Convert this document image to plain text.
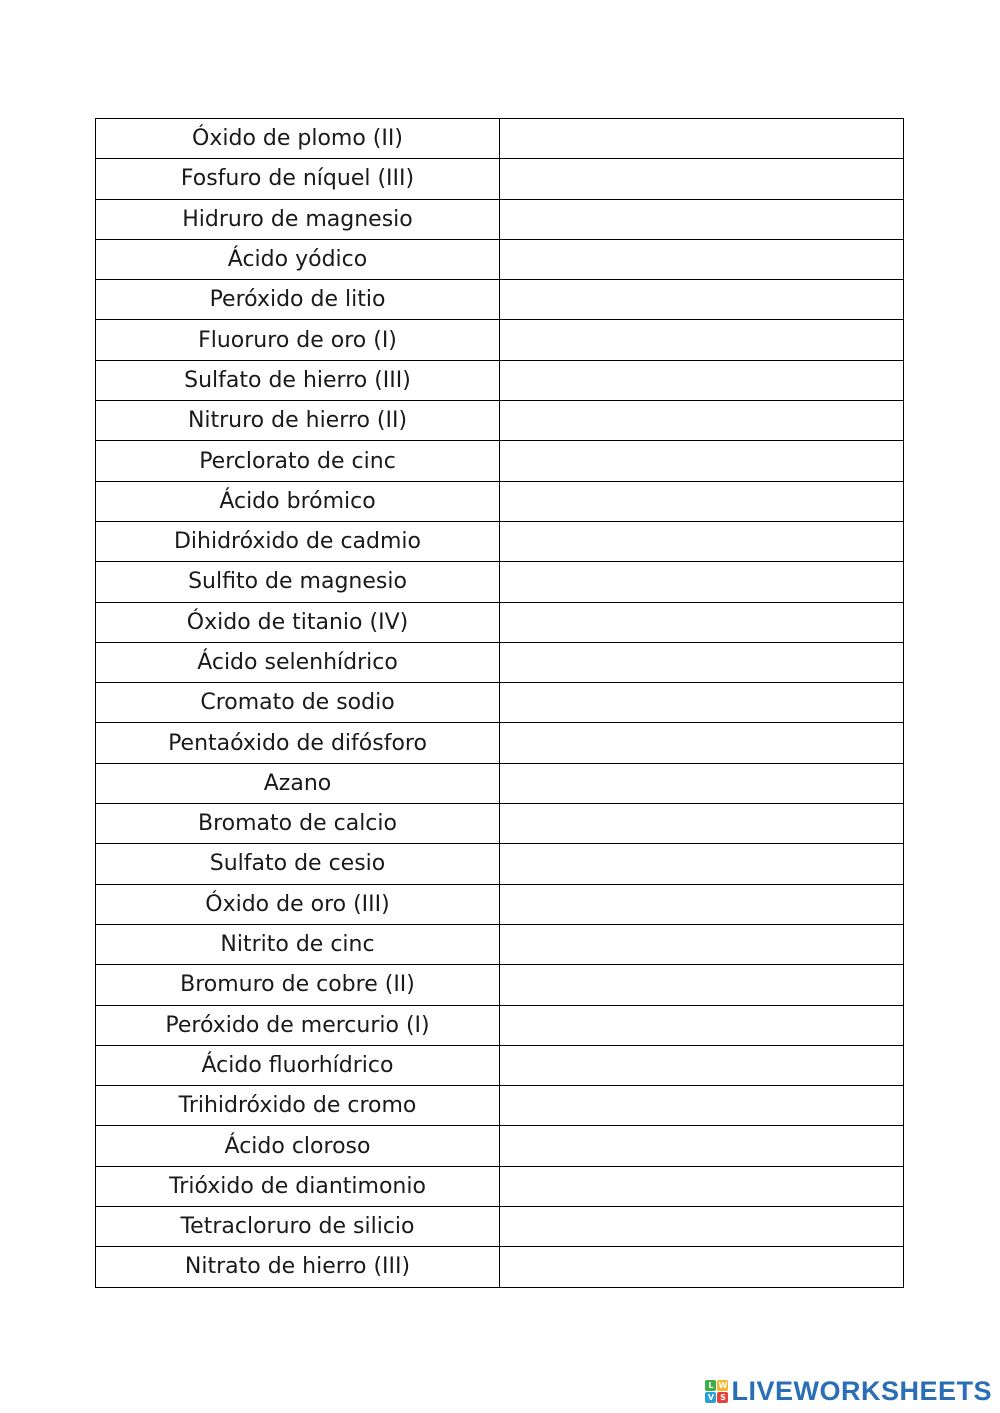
Óxido de plomo (II)	

Fosfuro de níquel (III)	

Hidruro de magnesio	

Ácido yódico	

Peróxido de litio	

Fluoruro de oro (I)	

Sulfato de hierro (III)	

Nitruro de hierro (II)	

Perclorato de cinc	

Ácido brómico	

Dihidróxido de cadmio	

Sulfito de magnesio	

Óxido de titanio (IV)	

Ácido selenhídrico	

Cromato de sodio	

Pentaóxido de difósforo	

Azano	

Bromato de calcio	

Sulfato de cesio	

Óxido de oro (III)	

Nitrito de cinc	

Bromuro de cobre (II)	

Peróxido de mercurio (I)	

Ácido fluorhídrico	

Trihidróxido de cromo	

Ácido cloroso	

Trióxido de diantimonio	

Tetracloruro de silicio	

Nitrato de hierro (III)	
L W
V S LIVEWORKSHEETS
